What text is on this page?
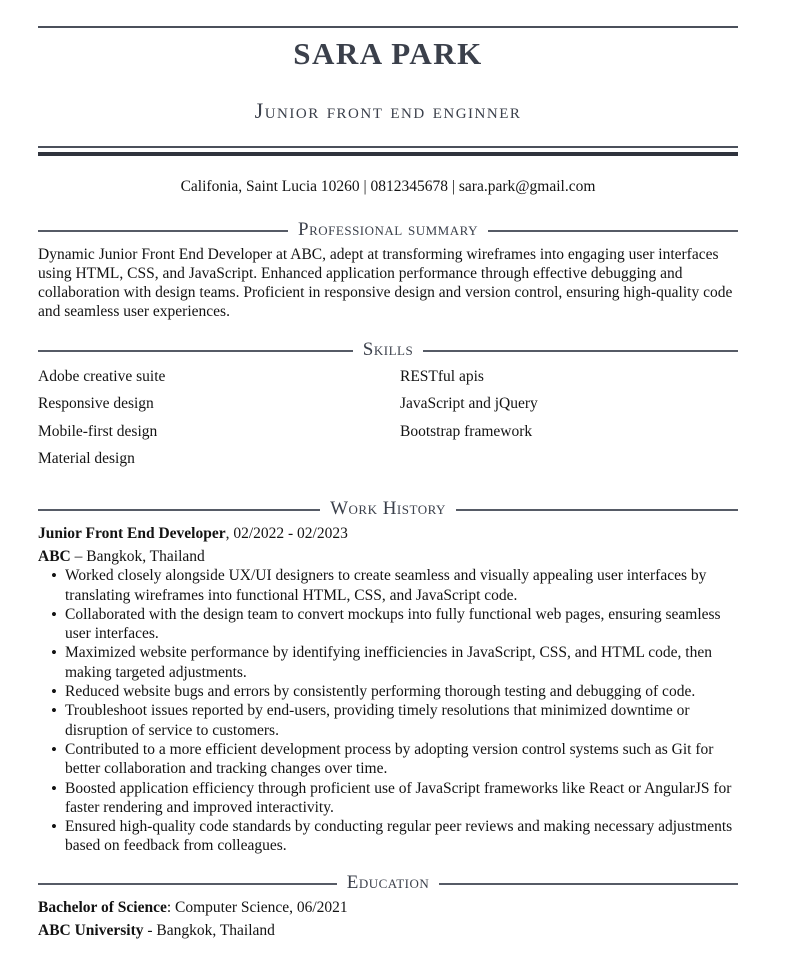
SARA PARK
Junior front end enginner
Califonia, Saint Lucia 10260 | 0812345678 | sara.park@gmail.com
Professional summary

Dynamic Junior Front End Developer at ABC, adept at transforming wireframes into engaging user interfaces using HTML, CSS, and JavaScript. Enhanced application performance through effective debugging and collaboration with design teams. Proficient in responsive design and version control, ensuring high-quality code and seamless user experiences.

Skills
Adobe creative suite
Responsive design
Mobile-first design
Material design
RESTful apis
JavaScript and jQuery
Bootstrap framework
Work History

Junior Front End Developer, 02/2022 - 02/2023

ABC – Bangkok, Thailand

• Worked closely alongside UX/UI designers to create seamless and visually appealing user interfaces by translating wireframes into functional HTML, CSS, and JavaScript code.
• Collaborated with the design team to convert mockups into fully functional web pages, ensuring seamless user interfaces.
• Maximized website performance by identifying inefficiencies in JavaScript, CSS, and HTML code, then making targeted adjustments.
• Reduced website bugs and errors by consistently performing thorough testing and debugging of code.
• Troubleshoot issues reported by end-users, providing timely resolutions that minimized downtime or disruption of service to customers.
• Contributed to a more efficient development process by adopting version control systems such as Git for better collaboration and tracking changes over time.
• Boosted application efficiency through proficient use of JavaScript frameworks like React or AngularJS for faster rendering and improved interactivity.
• Ensured high-quality code standards by conducting regular peer reviews and making necessary adjustments based on feedback from colleagues.
Education

Bachelor of Science: Computer Science, 06/2021

ABC University - Bangkok, Thailand
